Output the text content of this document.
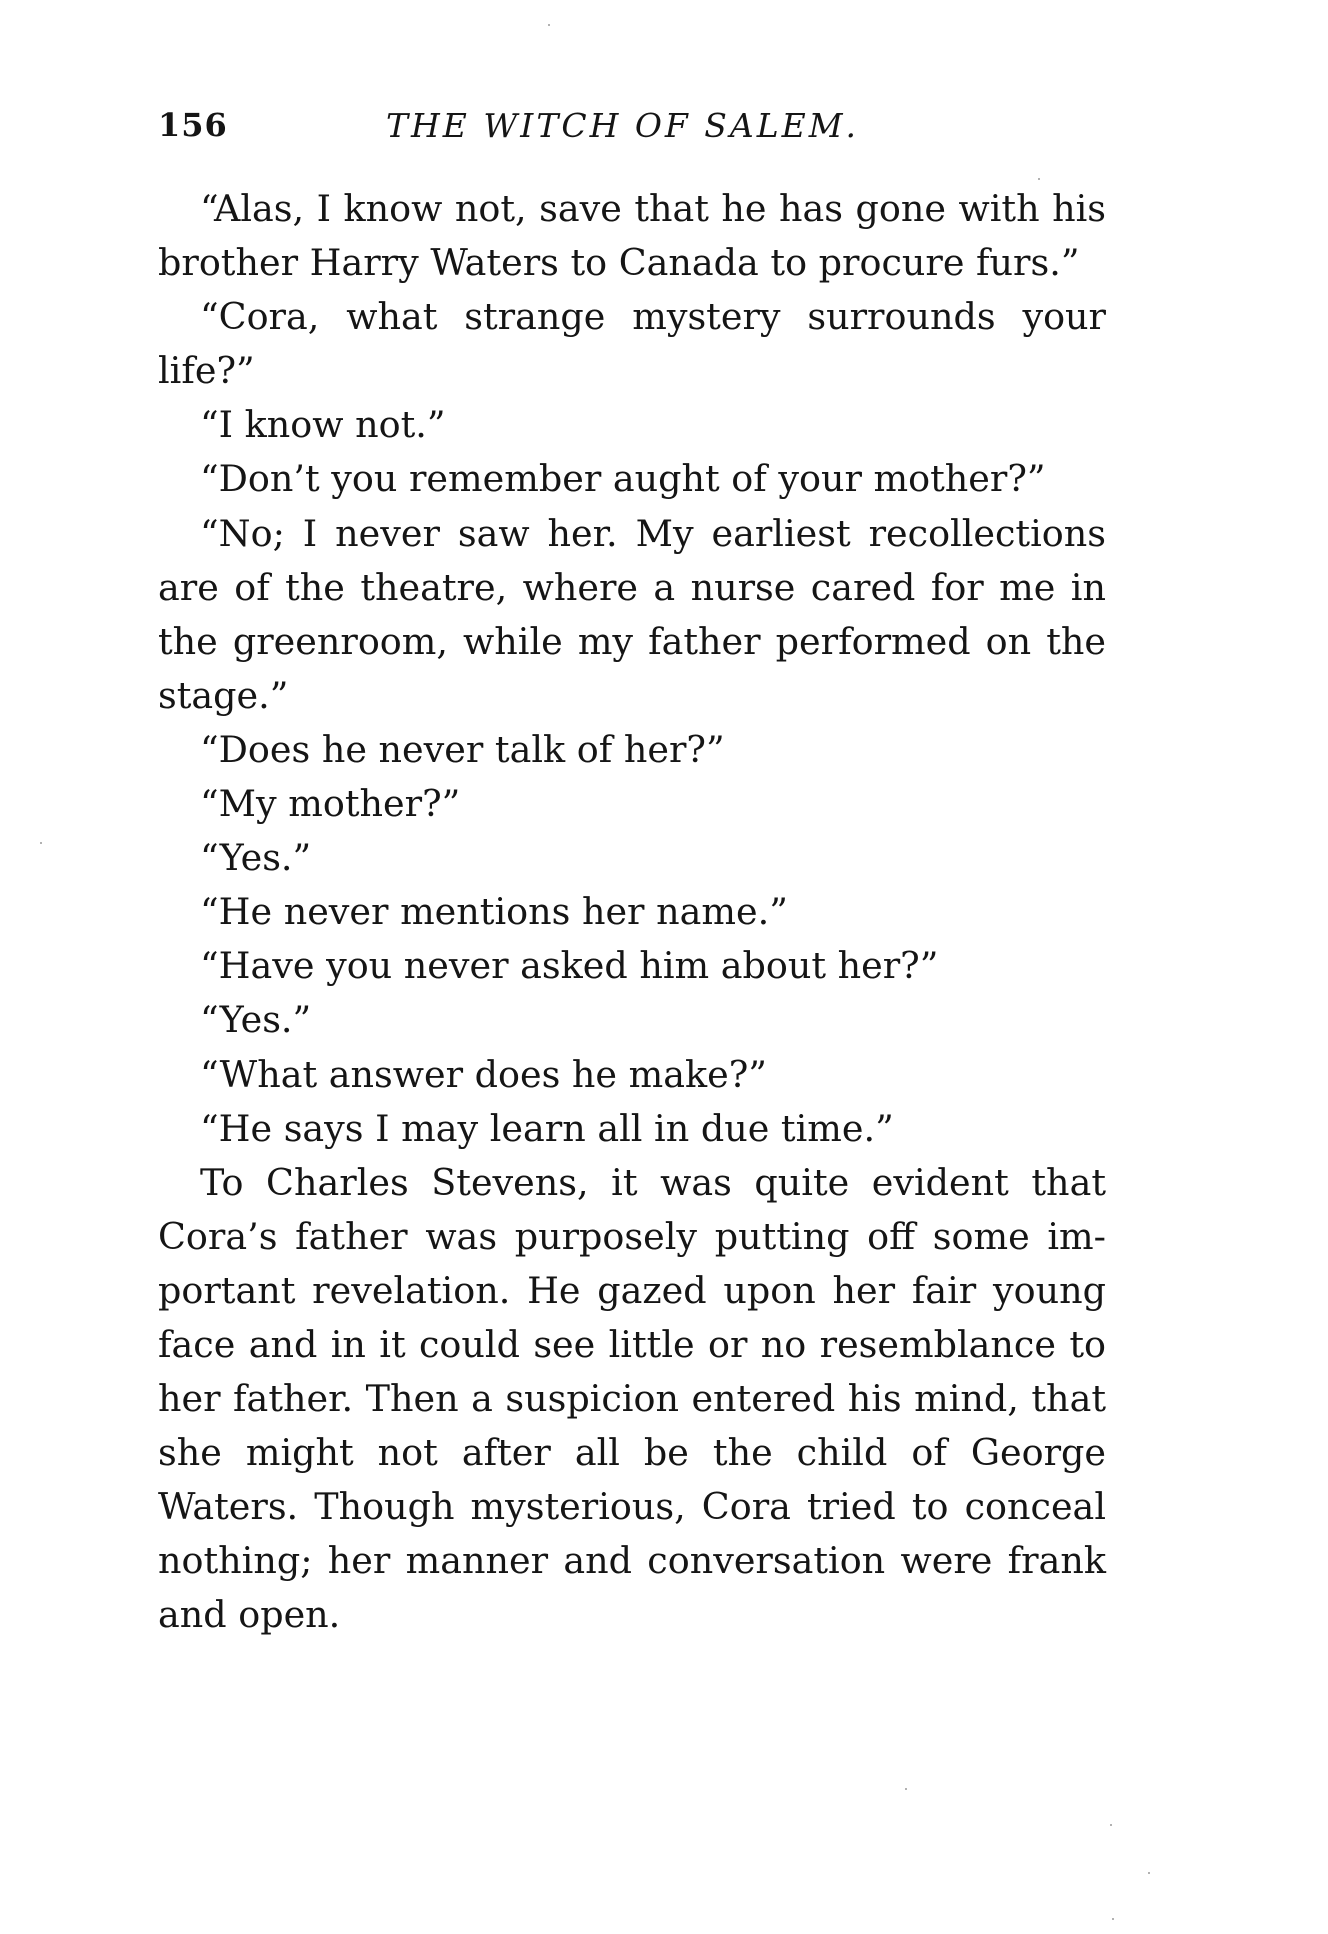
156	THE WITCH OF SALEM.

“Alas, I know not, save that he has gone with his brother Harry Waters to Canada to procure furs.”

“Cora, what strange mystery surrounds your life?”

“I know not.”

“Don’t you remember aught of your mother?”

“No; I never saw her. My earliest recollections are of the theatre, where a nurse cared for me in the greenroom, while my father performed on the stage.”

“Does he never talk of her?”

“My mother?”

“Yes.”

“He never mentions her name.”

“Have you never asked him about her?”

“Yes.”

“What answer does he make?”

“He says I may learn all in due time.”

To Charles Stevens, it was quite evident that Cora’s father was purposely putting off some important revelation. He gazed upon her fair young face and in it could see little or no resemblance to her father. Then a suspicion entered his mind, that she might not after all be the child of George Waters. Though mysterious, Cora tried to conceal nothing; her manner and conversation were frank and open.
